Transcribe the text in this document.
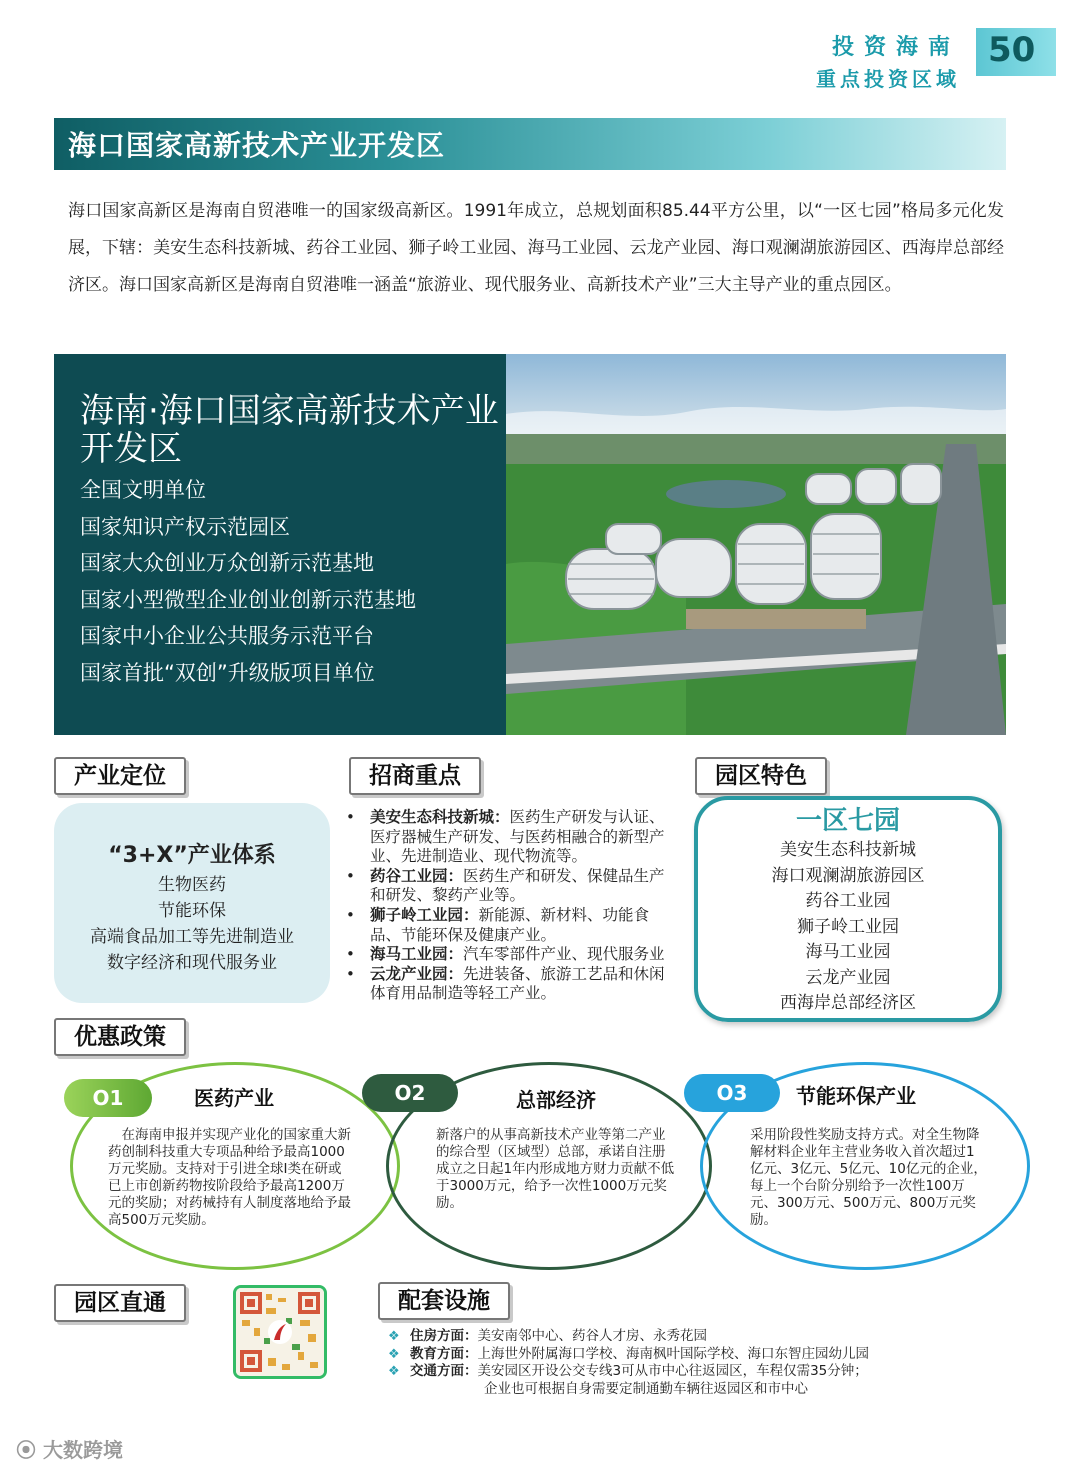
投资海南
重点投资区域
50
海口国家高新技术产业开发区
海口国家高新区是海南自贸港唯一的国家级高新区。1991年成立，总规划面积85.44平方公里，以“一区七园”格局多元化发展，下辖：美安生态科技新城、药谷工业园、狮子岭工业园、海马工业园、云龙产业园、海口观澜湖旅游园区、西海岸总部经济区。海口国家高新区是海南自贸港唯一涵盖“旅游业、现代服务业、高新技术产业”三大主导产业的重点园区。
海南·海口国家高新技术产业开发区
全国文明单位
国家知识产权示范园区
国家大众创业万众创新示范基地
国家小型微型企业创业创新示范基地
国家中小企业公共服务示范平台
国家首批“双创”升级版项目单位
产业定位	招商重点	园区特色
“3+X”产业体系
生物医药
节能环保
高端食品加工等先进制造业
数字经济和现代服务业
• 美安生态科技新城：医药生产研发与认证、医疗器械生产研发、与医药相融合的新型产业、先进制造业、现代物流等。
• 药谷工业园：医药生产和研发、保健品生产和研发、黎药产业等。
• 狮子岭工业园：新能源、新材料、功能食品、节能环保及健康产业。
• 海马工业园：汽车零部件产业、现代服务业
• 云龙产业园：先进装备、旅游工艺品和休闲体育用品制造等轻工产业。
一区七园
美安生态科技新城
海口观澜湖旅游园区
药谷工业园
狮子岭工业园
海马工业园
云龙产业园
西海岸总部经济区
优惠政策
O1	O2	O3
医药产业	总部经济	节能环保产业
在海南申报并实现产业化的国家重大新药创制科技重大专项品种给予最高1000万元奖励。支持对于引进全球Ⅰ类在研或已上市创新药物按阶段给予最高1200万元的奖励；对药械持有人制度落地给予最高500万元奖励。
新落户的从事高新技术产业等第二产业的综合型（区域型）总部，承诺自注册成立之日起1年内形成地方财力贡献不低于3000万元，给予一次性1000万元奖励。
采用阶段性奖励支持方式。对全生物降解材料企业年主营业务收入首次超过1亿元、3亿元、5亿元、10亿元的企业，每上一个台阶分别给予一次性100万元、300万元、500万元、800万元奖励。
园区直通	配套设施
❖ 住房方面：美安南邻中心、药谷人才房、永秀花园
❖ 教育方面：上海世外附属海口学校、海南枫叶国际学校、海口东智庄园幼儿园
❖ 交通方面：美安园区开设公交专线3可从市中心往返园区，车程仅需35分钟；
企业也可根据自身需要定制通勤车辆往返园区和市中心
⦿ 大数跨境
